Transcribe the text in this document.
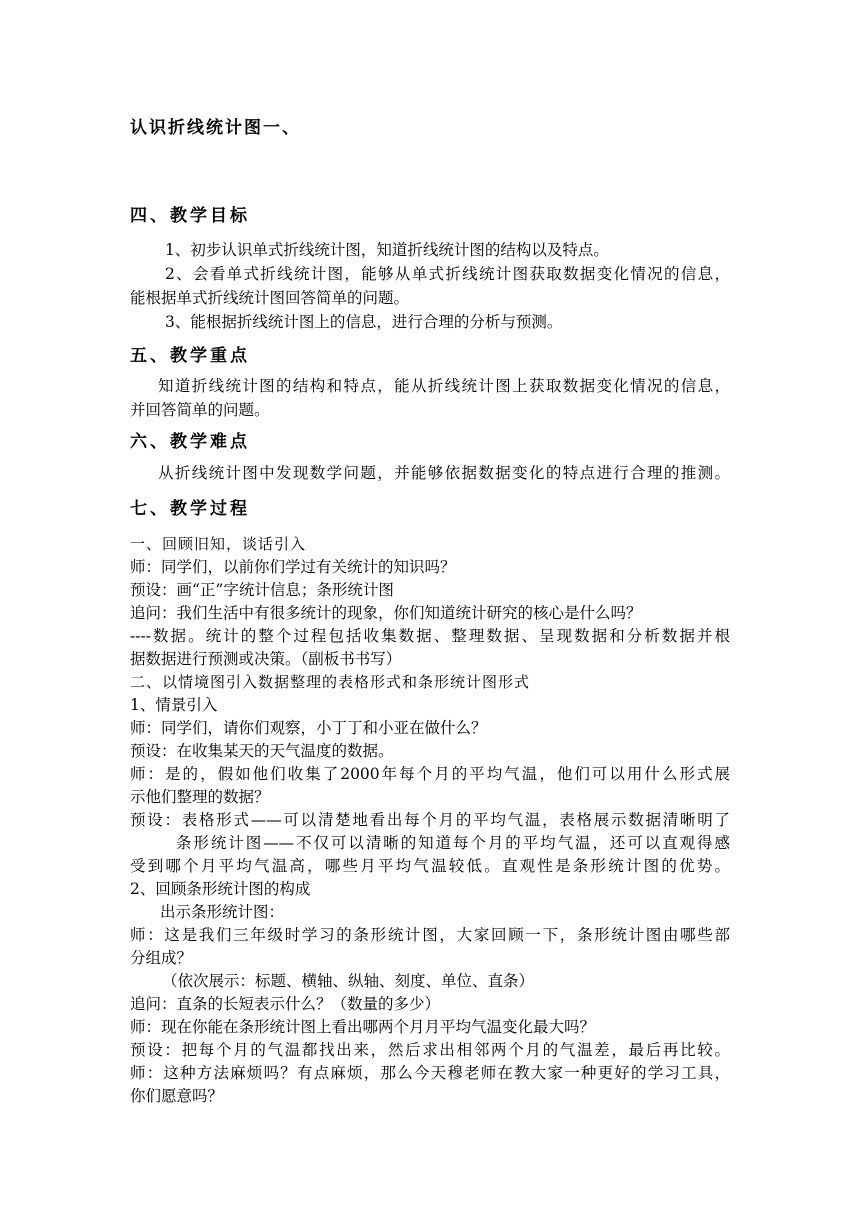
认识折线统计图一、

四、教学目标

1、初步认识单式折线统计图，知道折线统计图的结构以及特点。

2、会看单式折线统计图，能够从单式折线统计图获取数据变化情况的信息，

能根据单式折线统计图回答简单的问题。

3、能根据折线统计图上的信息，进行合理的分析与预测。

五、教学重点

知道折线统计图的结构和特点，能从折线统计图上获取数据变化情况的信息，

并回答简单的问题。

六、教学难点

从折线统计图中发现数学问题，并能够依据数据变化的特点进行合理的推测。

七、教学过程

一、回顾旧知，谈话引入

师：同学们，以前你们学过有关统计的知识吗？

预设：画“正”字统计信息；条形统计图

追问：我们生活中有很多统计的现象，你们知道统计研究的核心是什么吗？

----数据。统计的整个过程包括收集数据、整理数据、呈现数据和分析数据并根

据数据进行预测或决策。（副板书书写）

二、以情境图引入数据整理的表格形式和条形统计图形式

1、情景引入

师：同学们，请你们观察，小丁丁和小亚在做什么？

预设：在收集某天的天气温度的数据。

师：是的，假如他们收集了2000年每个月的平均气温，他们可以用什么形式展

示他们整理的数据？

预设：表格形式——可以清楚地看出每个月的平均气温，表格展示数据清晰明了

条形统计图——不仅可以清晰的知道每个月的平均气温，还可以直观得感

受到哪个月平均气温高，哪些月平均气温较低。直观性是条形统计图的优势。

2、回顾条形统计图的构成

出示条形统计图：

师：这是我们三年级时学习的条形统计图，大家回顾一下，条形统计图由哪些部

分组成？

（依次展示：标题、横轴、纵轴、刻度、单位、直条）

追问：直条的长短表示什么？（数量的多少）

师：现在你能在条形统计图上看出哪两个月月平均气温变化最大吗？

预设：把每个月的气温都找出来，然后求出相邻两个月的气温差，最后再比较。

师：这种方法麻烦吗？有点麻烦，那么今天穆老师在教大家一种更好的学习工具，

你们愿意吗？
